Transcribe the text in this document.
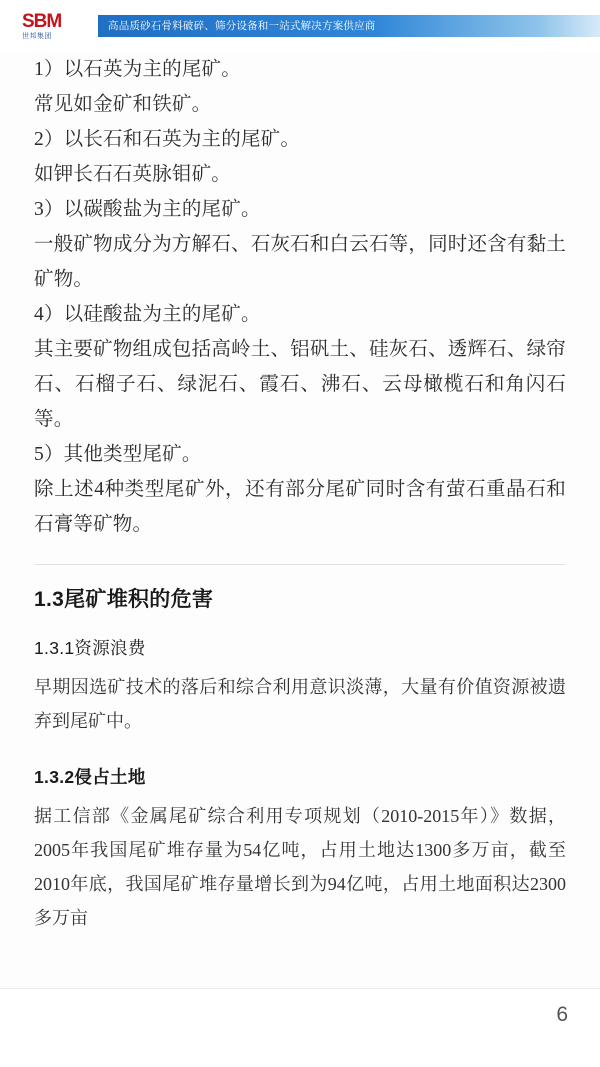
SBM
世邦集团
高品质砂石骨料破碎、筛分设备和一站式解决方案供应商

1）以石英为主的尾矿。

常见如金矿和铁矿。

2）以长石和石英为主的尾矿。

如钾长石石英脉钼矿。

3）以碳酸盐为主的尾矿。

一般矿物成分为方解石、石灰石和白云石等，同时还含有黏土矿物。

4）以硅酸盐为主的尾矿。

其主要矿物组成包括高岭土、铝矾土、硅灰石、透辉石、绿帘石、石榴子石、绿泥石、霞石、沸石、云母橄榄石和角闪石等。

5）其他类型尾矿。

除上述4种类型尾矿外，还有部分尾矿同时含有萤石重晶石和石膏等矿物。

1.3尾矿堆积的危害
1.3.1资源浪费

早期因选矿技术的落后和综合利用意识淡薄，大量有价值资源被遗弃到尾矿中。

1.3.2侵占土地

据工信部《金属尾矿综合利用专项规划（2010-2015年）》数据，2005年我国尾矿堆存量为54亿吨，占用土地达1300多万亩，截至2010年底，我国尾矿堆存量增长到为94亿吨，占用土地面积达2300多万亩

6
